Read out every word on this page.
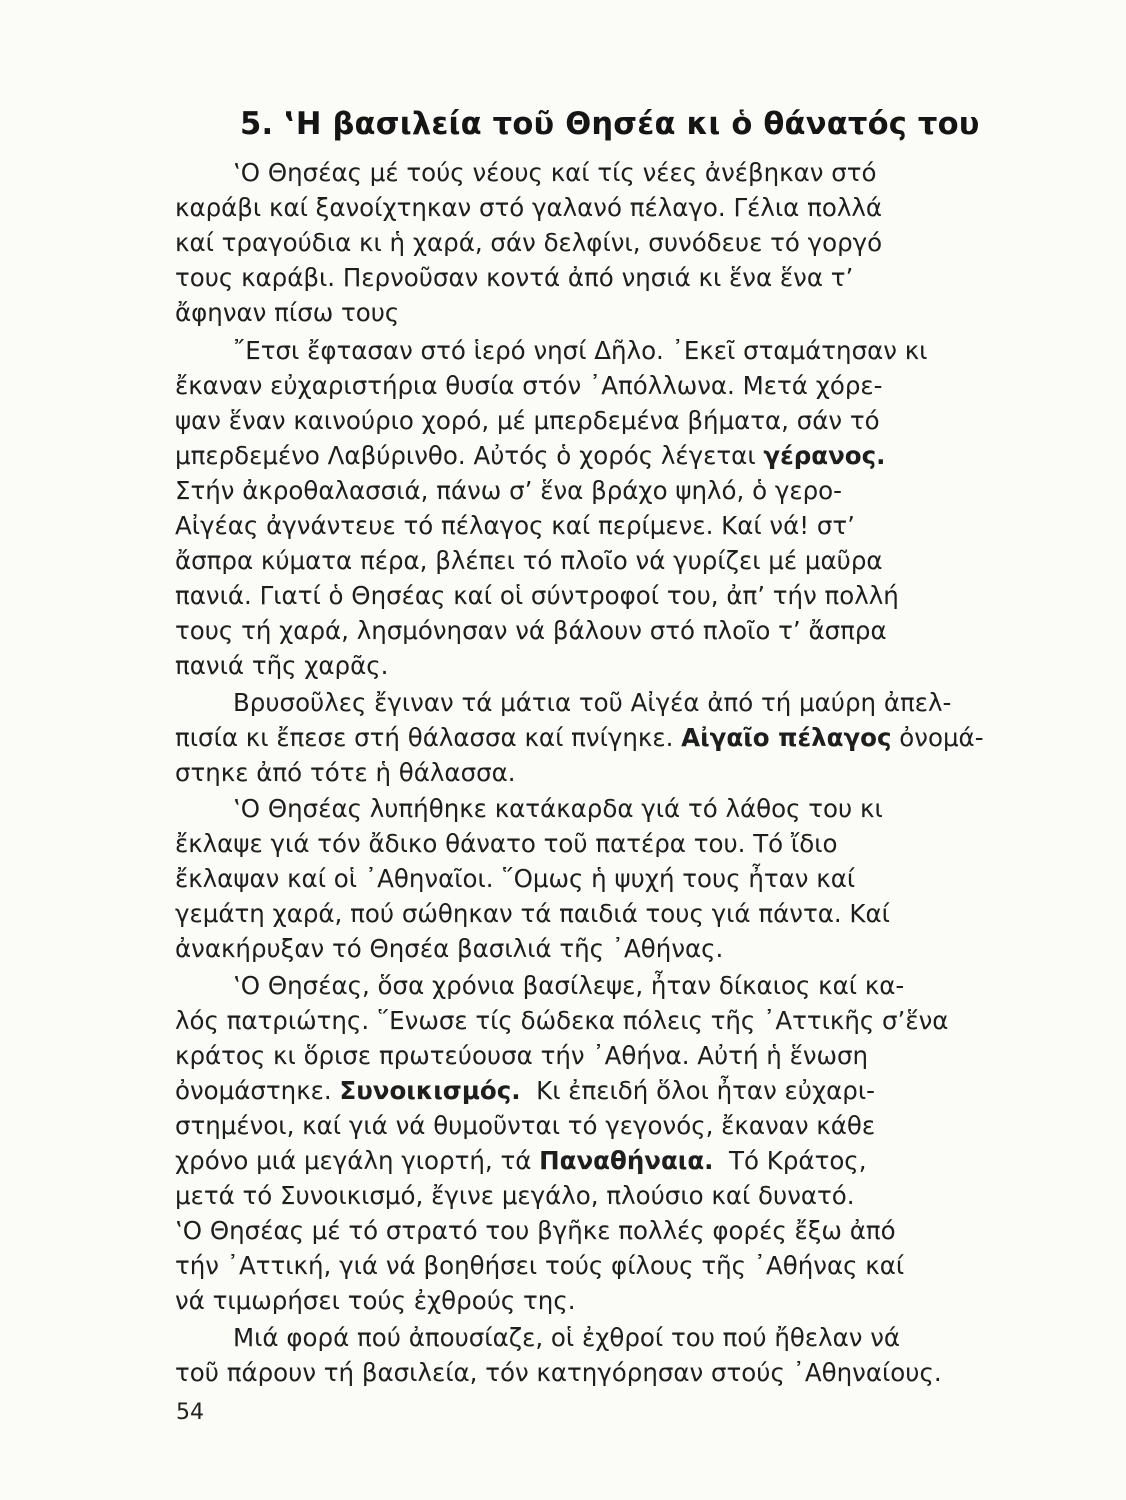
5. ‛Η βασιλεία τοῦ Θησέα κι ὁ θάνατός του
‛Ο Θησέας μέ τούς νέους καί τίς νέες ἀνέβηκαν στό
καράβι καί ξανοίχτηκαν στό γαλανό πέλαγο. Γέλια πολλά
καί τραγούδια κι ἡ χαρά, σάν δελφίνι, συνόδευε τό γοργό
τους καράβι. Περνοῦσαν κοντά ἀπό νησιά κι ἕνα ἕνα τ’
ἄφηναν πίσω τους
῎Ετσι ἔφτασαν στό ἱερό νησί Δῆλο. ᾿Εκεῖ σταμάτησαν κι
ἔκαναν εὐχαριστήρια θυσία στόν ᾿Απόλλωνα. Μετά χόρε-
ψαν ἕναν καινούριο χορό, μέ μπερδεμένα βήματα, σάν τό
μπερδεμένο Λαβύρινθο. Αὐτός ὁ χορός λέγεται γέρανος.
Στήν ἀκροθαλασσιά, πάνω σ’ ἕνα βράχο ψηλό, ὁ γερο-
Αἰγέας ἀγνάντευε τό πέλαγος καί περίμενε. Καί νά! στ’
ἄσπρα κύματα πέρα, βλέπει τό πλοῖο νά γυρίζει μέ μαῦρα
πανιά. Γιατί ὁ Θησέας καί οἱ σύντροφοί του, ἀπ’ τήν πολλή
τους τή χαρά, λησμόνησαν νά βάλουν στό πλοῖο τ’ ἄσπρα
πανιά τῆς χαρᾶς.
Βρυσοῦλες ἔγιναν τά μάτια τοῦ Αἰγέα ἀπό τή μαύρη ἀπελ-
πισία κι ἔπεσε στή θάλασσα καί πνίγηκε. Αἰγαῖο πέλαγος ὀνομά-
στηκε ἀπό τότε ἡ θάλασσα.
‛Ο Θησέας λυπήθηκε κατάκαρδα γιά τό λάθος του κι
ἔκλαψε γιά τόν ἄδικο θάνατο τοῦ πατέρα του. Τό ἴδιο
ἔκλαψαν καί οἱ ᾿Αθηναῖοι. ῞Ομως ἡ ψυχή τους ἦταν καί
γεμάτη χαρά, πού σώθηκαν τά παιδιά τους γιά πάντα. Καί
ἀνακήρυξαν τό Θησέα βασιλιά τῆς ᾿Αθήνας.
‛Ο Θησέας, ὅσα χρόνια βασίλεψε, ἦταν δίκαιος καί κα-
λός πατριώτης. ῞Ενωσε τίς δώδεκα πόλεις τῆς ᾿Αττικῆς σ’ἕνα
κράτος κι ὅρισε πρωτεύουσα τήν ᾿Αθήνα. Αὐτή ἡ ἕνωση
ὀνομάστηκε. Συνοικισμός.  Κι ἐπειδή ὅλοι ἦταν εὐχαρι-
στημένοι, καί γιά νά θυμοῦνται τό γεγονός, ἔκαναν κάθε
χρόνο μιά μεγάλη γιορτή, τά Παναθήναια.  Τό Κράτος,
μετά τό Συνοικισμό, ἔγινε μεγάλο, πλούσιο καί δυνατό.
‛Ο Θησέας μέ τό στρατό του βγῆκε πολλές φορές ἔξω ἀπό
τήν ᾿Αττική, γιά νά βοηθήσει τούς φίλους τῆς ᾿Αθήνας καί
νά τιμωρήσει τούς ἐχθρούς της.
Μιά φορά πού ἀπουσίαζε, οἱ ἐχθροί του πού ἤθελαν νά
τοῦ πάρουν τή βασιλεία, τόν κατηγόρησαν στούς ᾿Αθηναίους.
54
